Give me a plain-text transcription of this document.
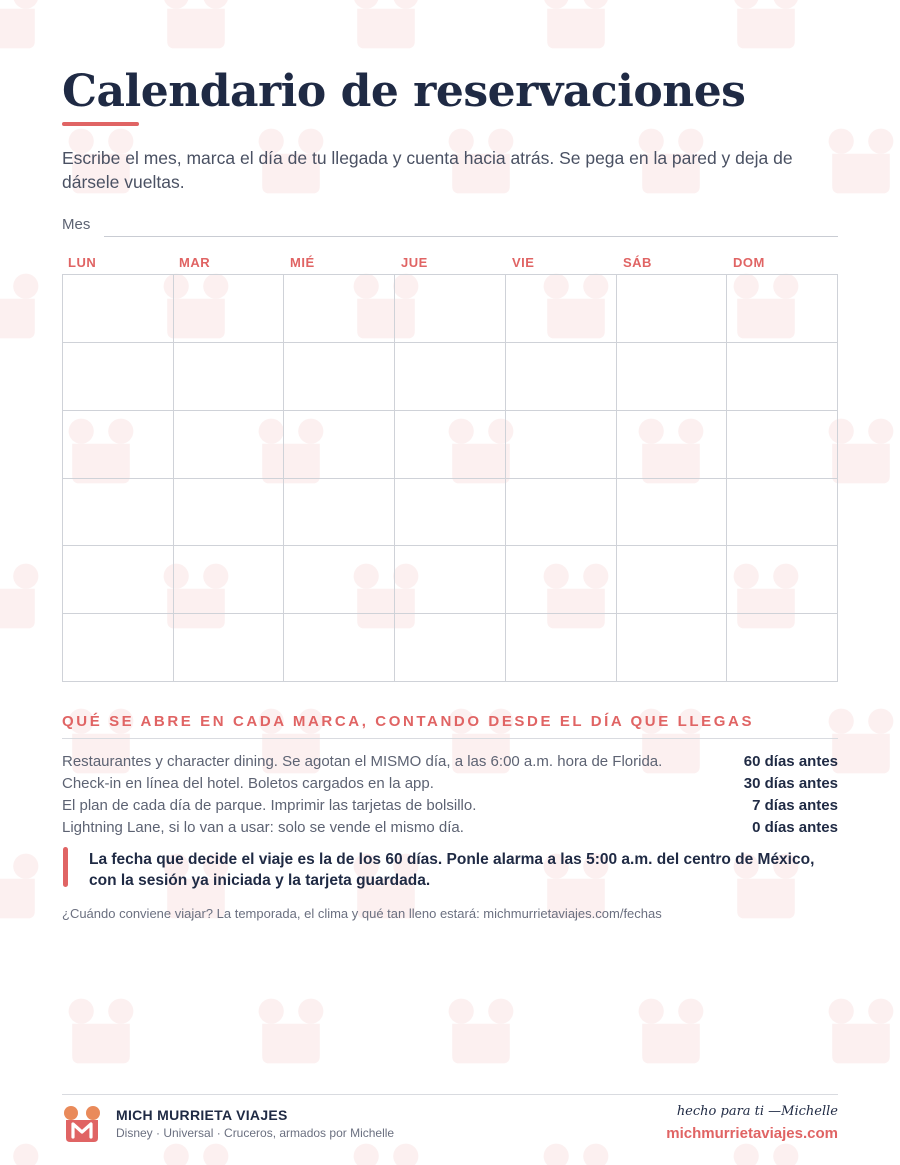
Calendario de reservaciones

Escribe el mes, marca el día de tu llegada y cuenta hacia atrás. Se pega en la pared y deja de dársele vueltas.

Mes
LUN	MAR	MIÉ	JUE	VIE	SÁB	DOM
QUÉ SE ABRE EN CADA MARCA, CONTANDO DESDE EL DÍA QUE LLEGAS
Restaurantes y character dining. Se agotan el MISMO día, a las 6:00 a.m. hora de Florida.	60 días antes
Check-in en línea del hotel. Boletos cargados en la app.	30 días antes
El plan de cada día de parque. Imprimir las tarjetas de bolsillo.	7 días antes
Lightning Lane, si lo van a usar: solo se vende el mismo día.	0 días antes

La fecha que decide el viaje es la de los 60 días. Ponle alarma a las 5:00 a.m. del centro de México, con la sesión ya iniciada y la tarjeta guardada.

¿Cuándo conviene viajar? La temporada, el clima y qué tan lleno estará: michmurrietaviajes.com/fechas
MICH MURRIETA VIAJES
Disney · Universal · Cruceros, armados por Michelle
hecho para ti —Michelle
michmurrietaviajes.com
